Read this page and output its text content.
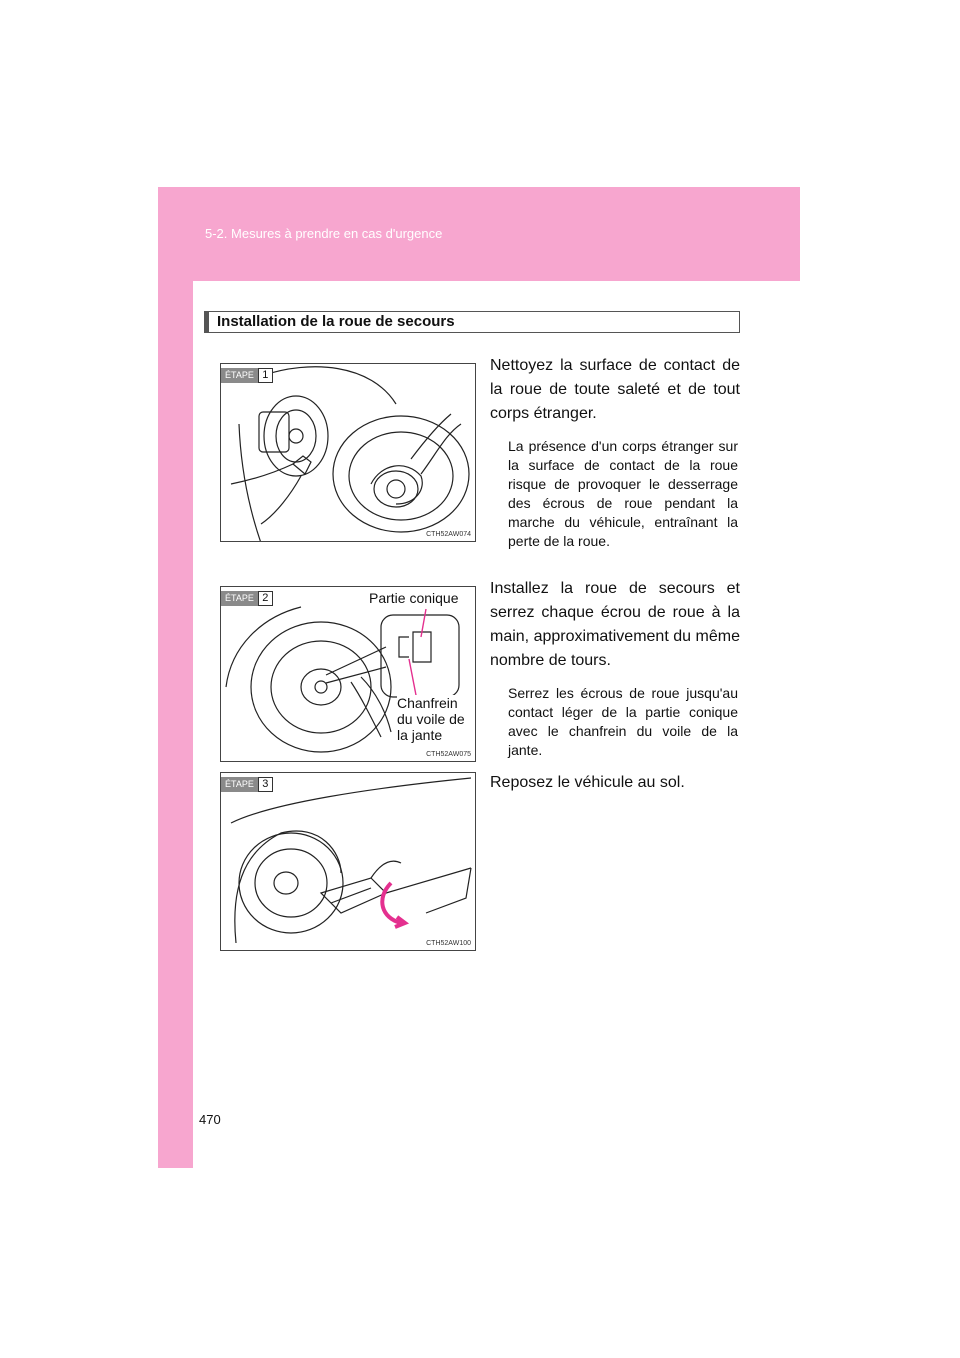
5-2. Mesures à prendre en cas d'urgence
470
Installation de la roue de secours
ÉTAPE 1
CTH52AW074
Nettoyez la surface de contact de la roue de toute saleté et de tout corps étranger.
La présence d'un corps étranger sur la surface de contact de la roue risque de provoquer le desserrage des écrous de roue pendant la marche du véhicule, entraînant la perte de la roue.
ÉTAPE 2	Partie conique
Chanfrein
du voile de
la jante
CTH52AW075
Installez la roue de secours et serrez chaque écrou de roue à la main, approximativement du même nombre de tours.
Serrez les écrous de roue jusqu'au contact léger de la partie conique avec le chanfrein du voile de la jante.
ÉTAPE 3
CTH52AW100
Reposez le véhicule au sol.
